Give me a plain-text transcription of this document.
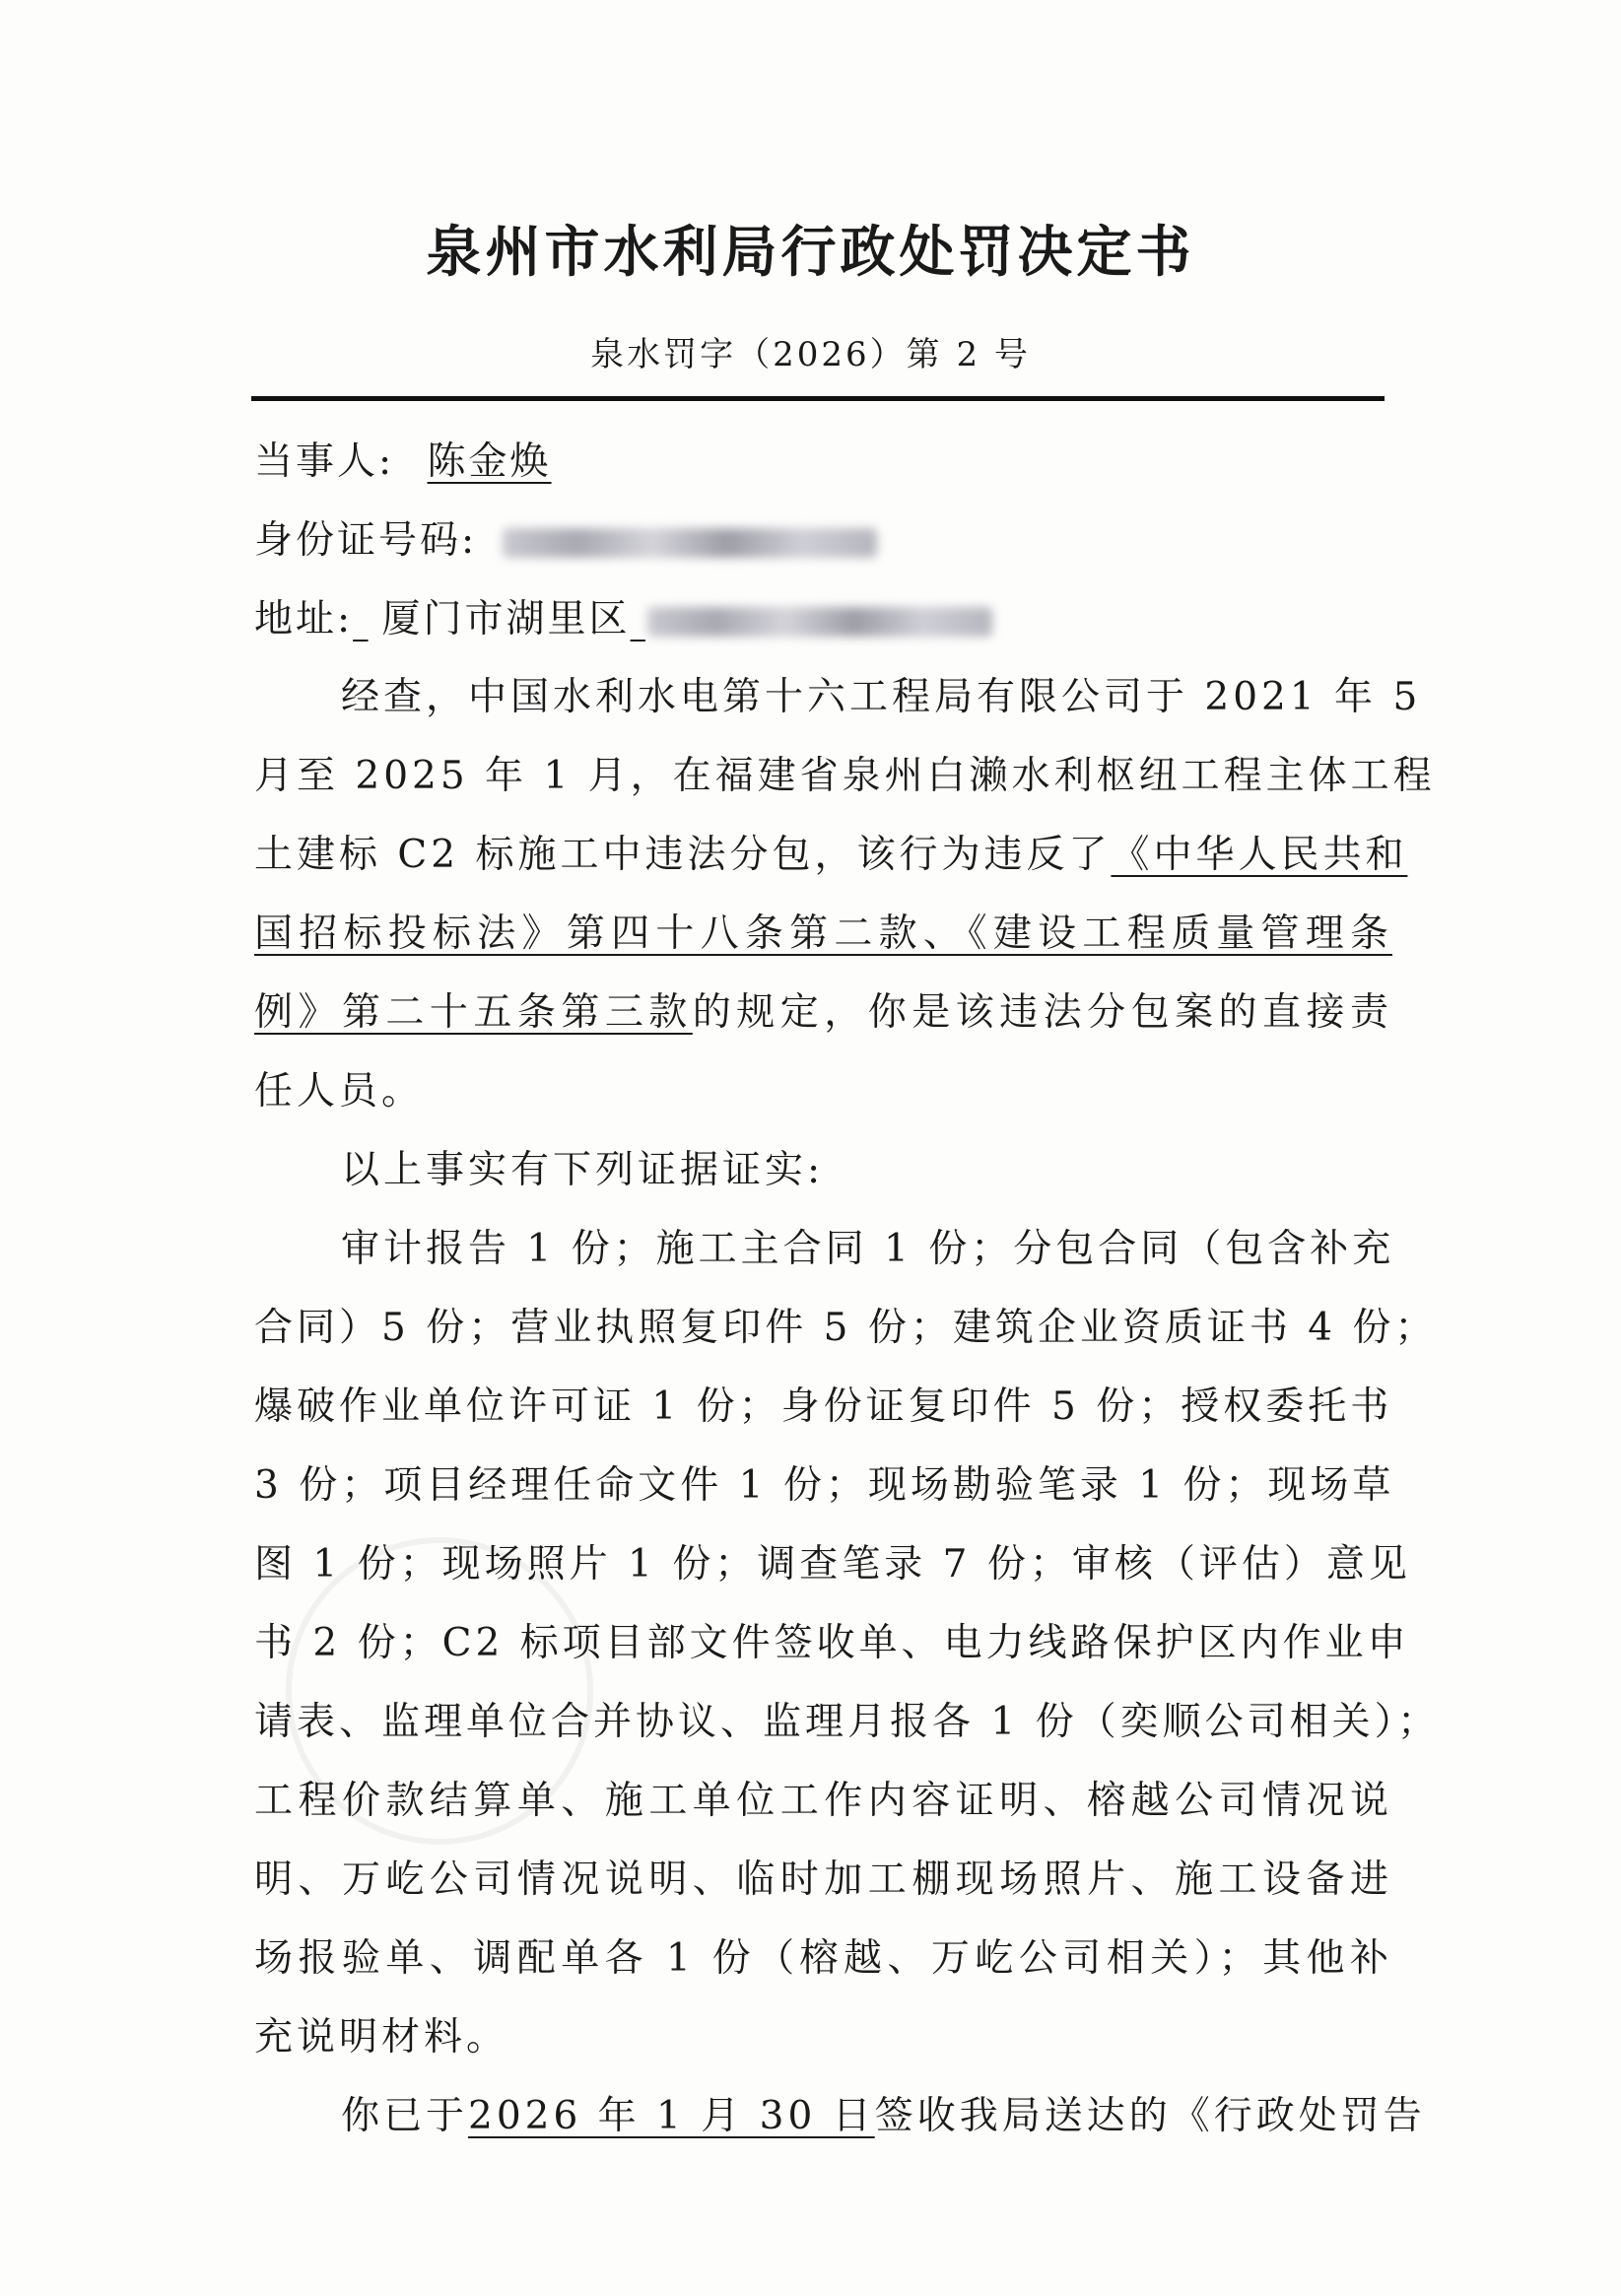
泉州市水利局行政处罚决定书
泉水罚字（2026）第 2 号
当事人: 陈金焕
身份证号码:
地址: 厦门市湖里区
经查，中国水利水电第十六工程局有限公司于 2021 年 5
月至 2025 年 1 月，在福建省泉州白濑水利枢纽工程主体工程
土建标 C2 标施工中违法分包，该行为违反了《中华人民共和
国招标投标法》第四十八条第二款、《建设工程质量管理条
例》第二十五条第三款的规定，你是该违法分包案的直接责
任人员。
以上事实有下列证据证实:
审计报告 1 份；施工主合同 1 份；分包合同（包含补充
合同）5 份；营业执照复印件 5 份；建筑企业资质证书 4 份；
爆破作业单位许可证 1 份；身份证复印件 5 份；授权委托书
3 份；项目经理任命文件 1 份；现场勘验笔录 1 份；现场草
图 1 份；现场照片 1 份；调查笔录 7 份；审核（评估）意见
书 2 份；C2 标项目部文件签收单、电力线路保护区内作业申
请表、监理单位合并协议、监理月报各 1 份（奕顺公司相关）；
工程价款结算单、施工单位工作内容证明、榕越公司情况说
明、万屹公司情况说明、临时加工棚现场照片、施工设备进
场报验单、调配单各 1 份（榕越、万屹公司相关）；其他补
充说明材料。
你已于2026 年 1 月 30 日签收我局送达的《行政处罚告
